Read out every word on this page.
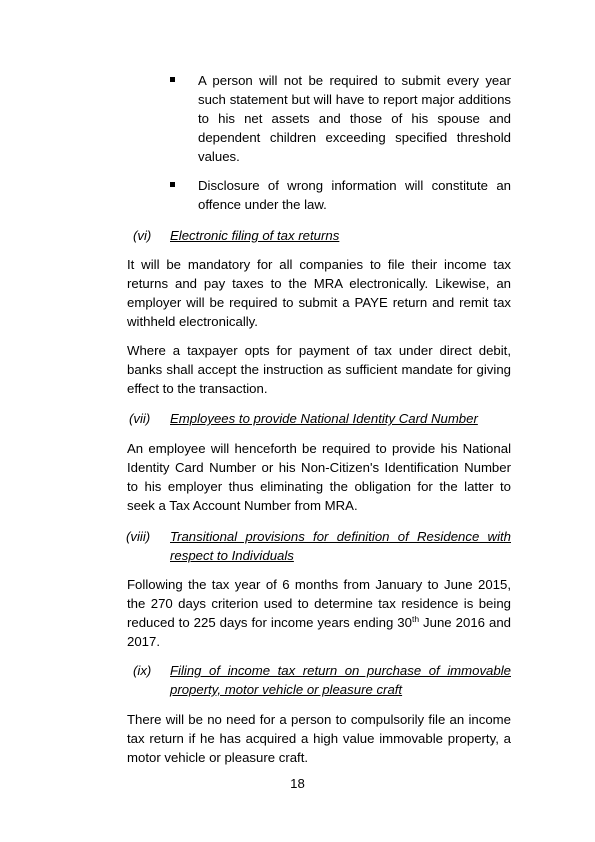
A person will not be required to submit every year such statement but will have to report major additions to his net assets and those of his spouse and dependent children exceeding specified threshold values.
Disclosure of wrong information will constitute an offence under the law.
(vi) Electronic filing of tax returns

It will be mandatory for all companies to file their income tax returns and pay taxes to the MRA electronically. Likewise, an employer will be required to submit a PAYE return and remit tax withheld electronically.

Where a taxpayer opts for payment of tax under direct debit, banks shall accept the instruction as sufficient mandate for giving effect to the transaction.

(vii) Employees to provide National Identity Card Number

An employee will henceforth be required to provide his National Identity Card Number or his Non-Citizen's Identification Number to his employer thus eliminating the obligation for the latter to seek a Tax Account Number from MRA.

(viii) Transitional provisions for definition of Residence with respect to Individuals

Following the tax year of 6 months from January to June 2015, the 270 days criterion used to determine tax residence is being reduced to 225 days for income years ending 30th June 2016 and 2017.

(ix) Filing of income tax return on purchase of immovable property, motor vehicle or pleasure craft

There will be no need for a person to compulsorily file an income tax return if he has acquired a high value immovable property, a motor vehicle or pleasure craft.

18
